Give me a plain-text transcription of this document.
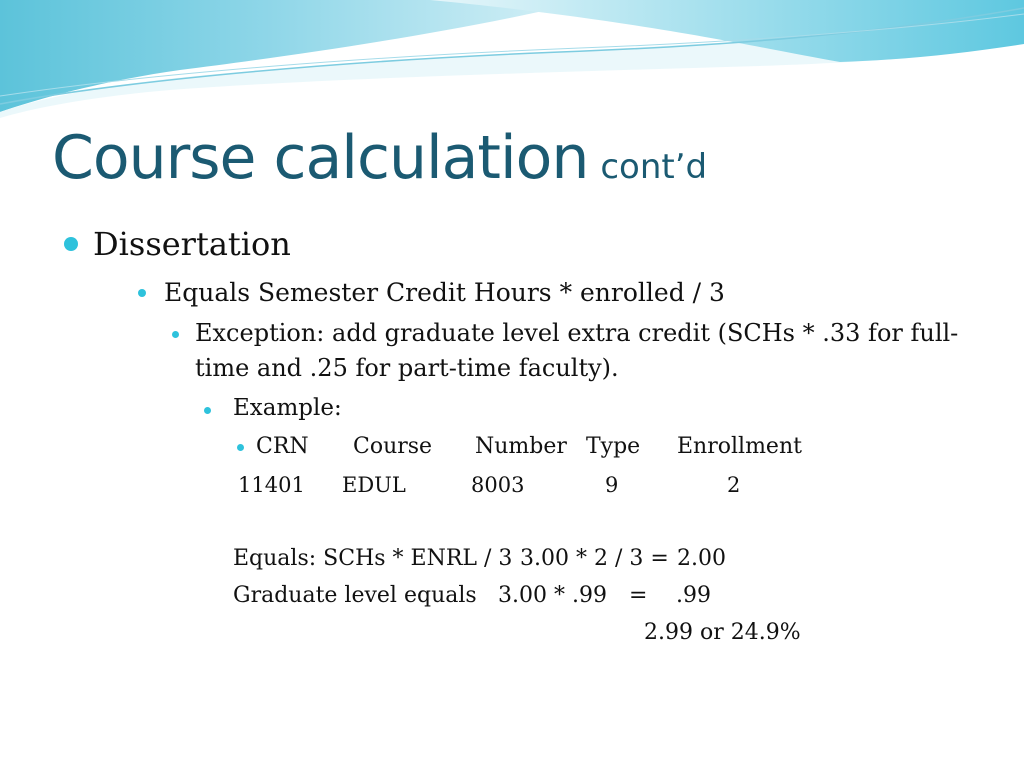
Course calculation cont’d
Dissertation
Equals Semester Credit Hours * enrolled / 3
Exception: add graduate level extra credit (SCHs * .33 for full-
time and .25 for part-time faculty).
Example:
CRN Course Number Type Enrollment
11401 EDUL	8003	9	2
Equals: SCHs * ENRL / 3 3.00 * 2 / 3 = 2.00
Graduate level equals 3.00 * .99 = .99
2.99 or 24.9%
